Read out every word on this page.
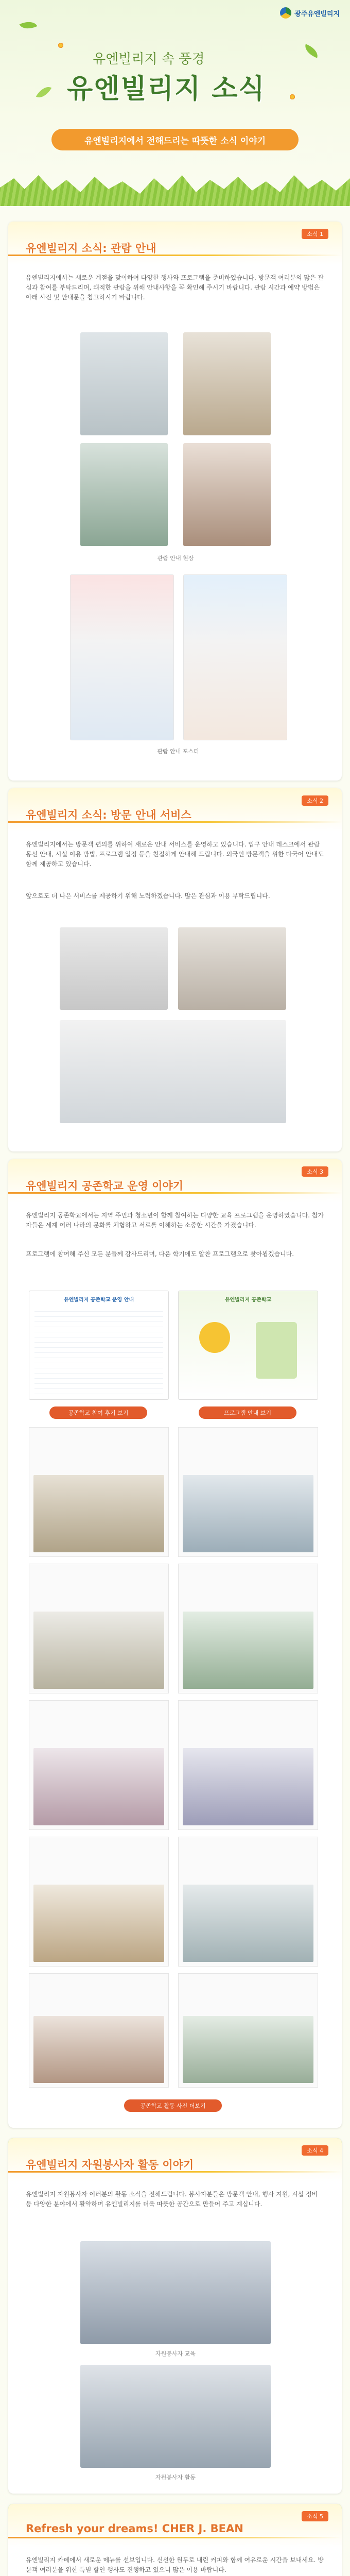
광주유엔빌리지
유엔빌리지 속 풍경
유엔빌리지 소식
유엔빌리지에서 전해드리는 따뜻한 소식 이야기
소식 1
유엔빌리지 소식: 관람 안내
유엔빌리지에서는 새로운 계절을 맞이하여 다양한 행사와 프로그램을 준비하였습니다. 방문객 여러분의 많은 관심과 참여를 부탁드리며, 쾌적한 관람을 위해 안내사항을 꼭 확인해 주시기 바랍니다. 관람 시간과 예약 방법은 아래 사진 및 안내문을 참고하시기 바랍니다.
관람 안내 현장
관람 안내 포스터
소식 2
유엔빌리지 소식: 방문 안내 서비스
유엔빌리지에서는 방문객 편의를 위하여 새로운 안내 서비스를 운영하고 있습니다. 입구 안내 데스크에서 관람 동선 안내, 시설 이용 방법, 프로그램 일정 등을 친절하게 안내해 드립니다. 외국인 방문객을 위한 다국어 안내도 함께 제공하고 있습니다.
앞으로도 더 나은 서비스를 제공하기 위해 노력하겠습니다. 많은 관심과 이용 부탁드립니다.
소식 3
유엔빌리지 공존학교 운영 이야기
유엔빌리지 공존학교에서는 지역 주민과 청소년이 함께 참여하는 다양한 교육 프로그램을 운영하였습니다. 참가자들은 세계 여러 나라의 문화를 체험하고 서로를 이해하는 소중한 시간을 가졌습니다.
프로그램에 참여해 주신 모든 분들께 감사드리며, 다음 학기에도 알찬 프로그램으로 찾아뵙겠습니다.
유엔빌리지 공존학교 운영 안내	유엔빌리지 공존학교
공존학교 참여 후기 보기	프로그램 안내 보기
공존학교 활동 사진 더보기
소식 4
유엔빌리지 자원봉사자 활동 이야기
유엔빌리지 자원봉사자 여러분의 활동 소식을 전해드립니다. 봉사자분들은 방문객 안내, 행사 지원, 시설 정비 등 다양한 분야에서 활약하며 유엔빌리지를 더욱 따뜻한 공간으로 만들어 주고 계십니다.
자원봉사자 교육
자원봉사자 활동
소식 5
Refresh your dreams! CHER J. BEAN
유엔빌리지 카페에서 새로운 메뉴를 선보입니다. 신선한 원두로 내린 커피와 함께 여유로운 시간을 보내세요. 방문객 여러분을 위한 특별 할인 행사도 진행하고 있으니 많은 이용 바랍니다.
